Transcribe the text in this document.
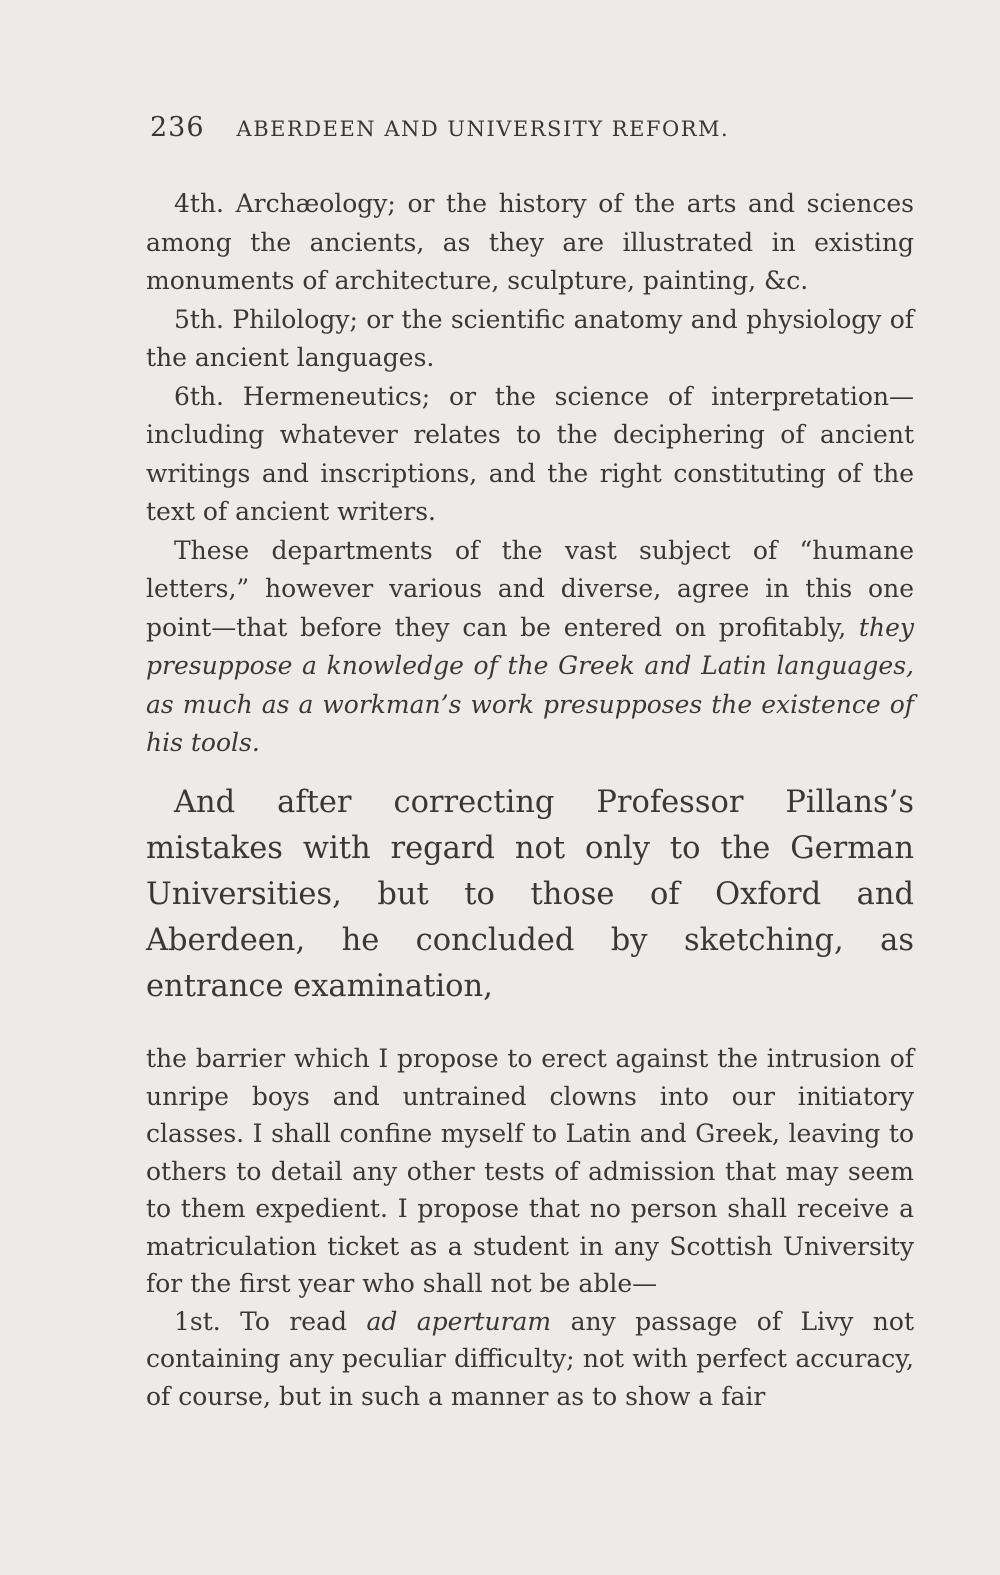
236 ABERDEEN AND UNIVERSITY REFORM.

4th. Archæology; or the history of the arts and sciences among the ancients, as they are illustrated in existing monuments of architecture, sculpture, painting, &c.

5th. Philology; or the scientific anatomy and physiology of the ancient languages.

6th. Hermeneutics; or the science of interpretation—including whatever relates to the deciphering of ancient writings and inscriptions, and the right constituting of the text of ancient writers.

These departments of the vast subject of “humane letters,” however various and diverse, agree in this one point—that before they can be entered on profitably, they presuppose a knowledge of the Greek and Latin languages, as much as a workman’s work presupposes the existence of his tools.

And after correcting Professor Pillans’s mistakes with regard not only to the German Universities, but to those of Oxford and Aberdeen, he concluded by sketching, as entrance examination,

the barrier which I propose to erect against the intrusion of unripe boys and untrained clowns into our initiatory classes. I shall confine myself to Latin and Greek, leaving to others to detail any other tests of admission that may seem to them expedient. I propose that no person shall receive a matriculation ticket as a student in any Scottish University for the first year who shall not be able—

1st. To read ad aperturam any passage of Livy not containing any peculiar difficulty; not with perfect accuracy, of course, but in such a manner as to show a fair
